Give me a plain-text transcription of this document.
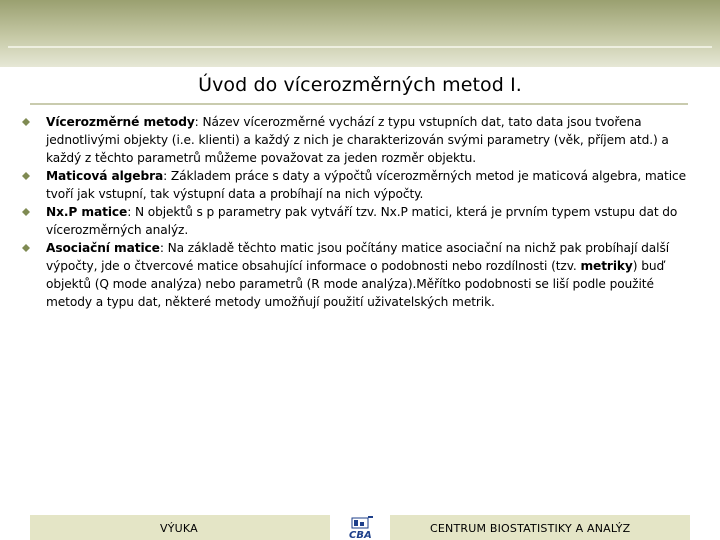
Úvod do vícerozměrných metod I.
Vícerozměrné metody: Název vícerozměrné vychází z typu vstupních dat, tato data jsou tvořena jednotlivými objekty (i.e. klienti) a každý z nich je charakterizován svými parametry (věk, příjem atd.) a každý z těchto parametrů můžeme považovat za jeden rozměr objektu.
Maticová algebra: Základem práce s daty a výpočtů vícerozměrných metod je maticová algebra, matice tvoří jak vstupní, tak výstupní data a probíhají na nich výpočty.
Nx.P matice: N objektů s p parametry pak vytváří tzv. Nx.P matici, která je prvním typem vstupu dat do vícerozměrných analýz.
Asociační matice: Na základě těchto matic jsou počítány matice asociační na nichž pak probíhají další výpočty, jde o čtvercové matice obsahující informace o podobnosti nebo rozdílnosti (tzv. metriky) buď objektů (Q mode analýza) nebo parametrů (R mode analýza).Měřítko podobnosti se liší podle použité metody a typu dat, některé metody umožňují použití uživatelských metrik.
VÝUKA	CENTRUM BIOSTATISTIKY A ANALÝZ
CBA
